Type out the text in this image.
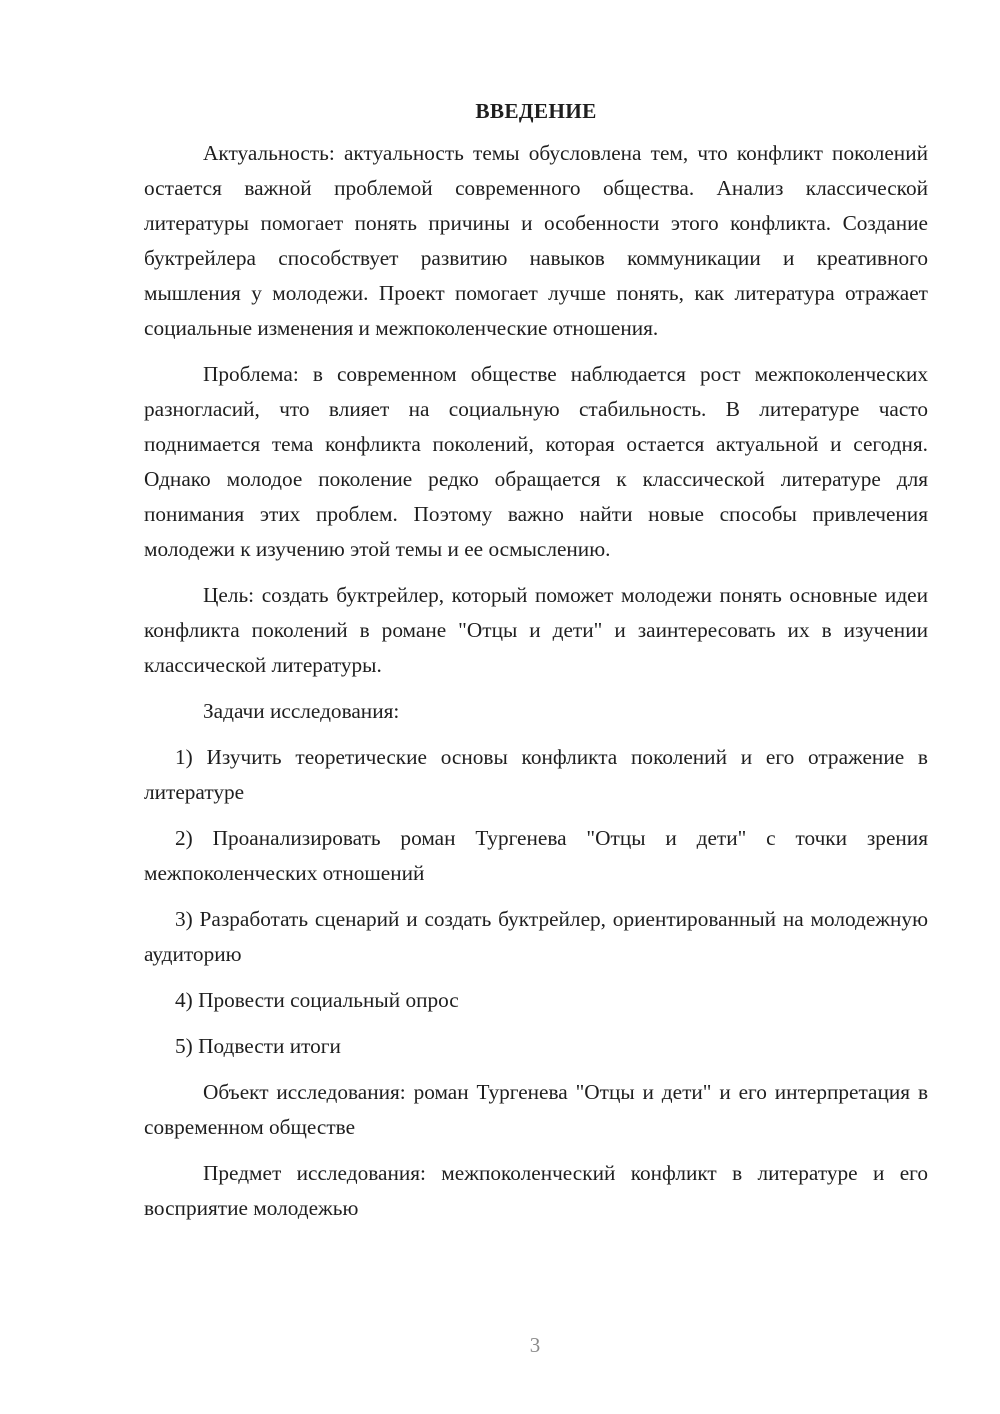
ВВЕДЕНИЕ

Актуальность: актуальность темы обусловлена тем, что конфликт поколений остается важной проблемой современного общества. Анализ классической литературы помогает понять причины и особенности этого конфликта. Создание буктрейлера способствует развитию навыков коммуникации и креативного мышления у молодежи. Проект помогает лучше понять, как литература отражает социальные изменения и межпоколенческие отношения.

Проблема: в современном обществе наблюдается рост межпоколенческих разногласий, что влияет на социальную стабильность. В литературе часто поднимается тема конфликта поколений, которая остается актуальной и сегодня. Однако молодое поколение редко обращается к классической литературе для понимания этих проблем. Поэтому важно найти новые способы привлечения молодежи к изучению этой темы и ее осмыслению.

Цель: создать буктрейлер, который поможет молодежи понять основные идеи конфликта поколений в романе "Отцы и дети" и заинтересовать их в изучении классической литературы.

Задачи исследования:

1) Изучить теоретические основы конфликта поколений и его отражение в литературе

2) Проанализировать роман Тургенева "Отцы и дети" с точки зрения межпоколенческих отношений

3) Разработать сценарий и создать буктрейлер, ориентированный на молодежную аудиторию

4) Провести социальный опрос

5) Подвести итоги

Объект исследования: роман Тургенева "Отцы и дети" и его интерпретация в современном обществе

Предмет исследования: межпоколенческий конфликт в литературе и его восприятие молодежью

3
